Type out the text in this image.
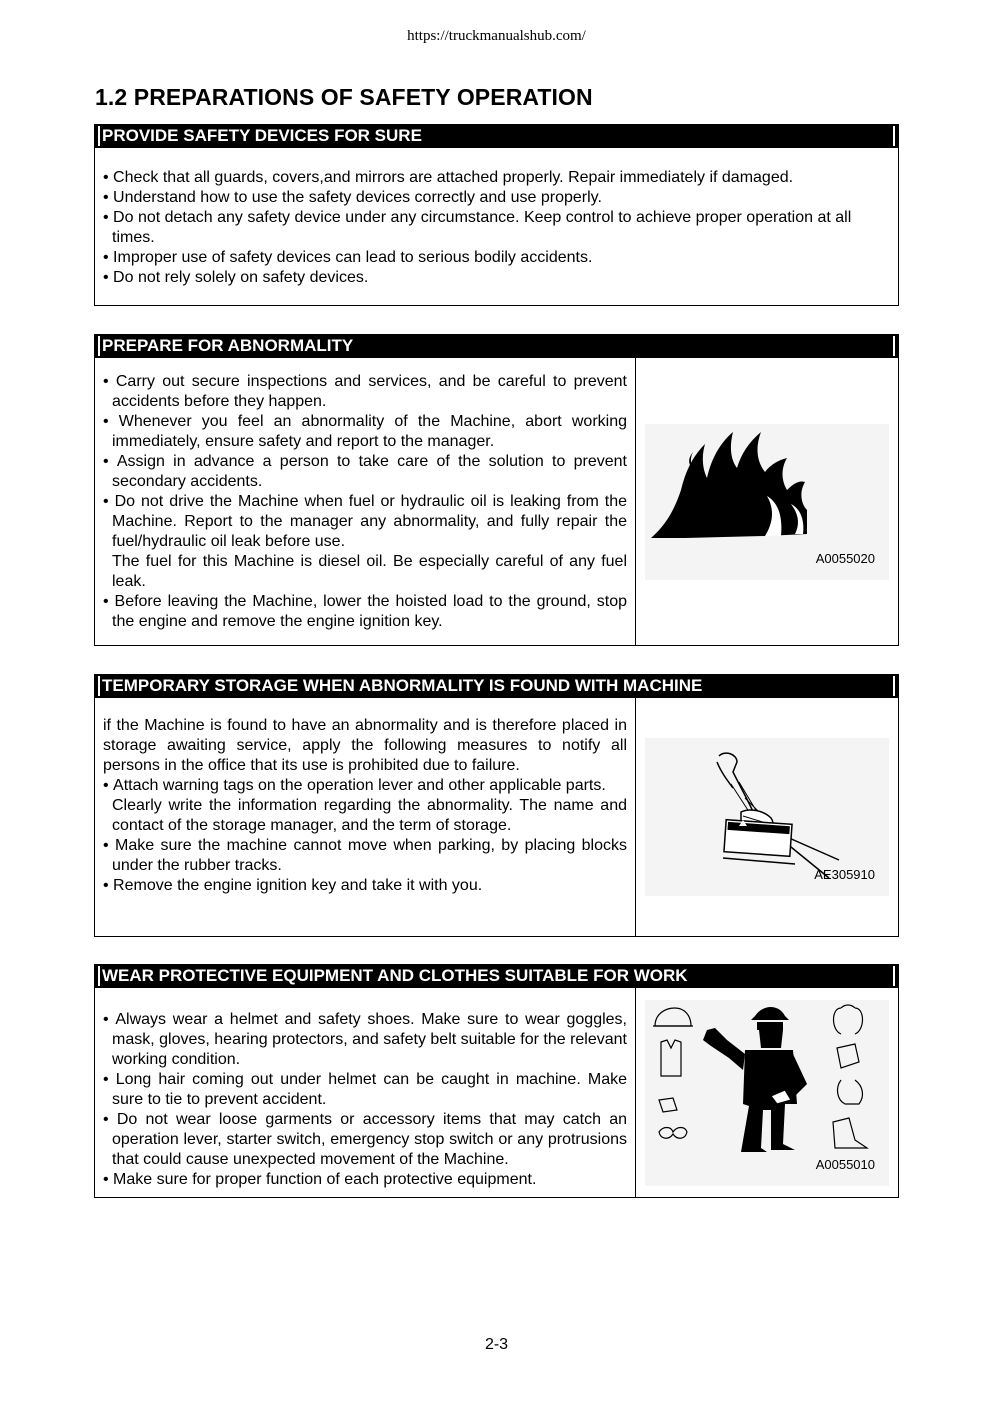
https://truckmanualshub.com/
1.2 PREPARATIONS OF SAFETY OPERATION
PROVIDE SAFETY DEVICES FOR SURE
• Check that all guards, covers,and mirrors are attached properly. Repair immediately if damaged.
• Understand how to use the safety devices correctly and use properly.
• Do not detach any safety device under any circumstance. Keep control to achieve proper operation at all times.
• Improper use of safety devices can lead to serious bodily accidents.
• Do not rely solely on safety devices.
PREPARE FOR ABNORMALITY
• Carry out secure inspections and services, and be careful to prevent accidents before they happen.
• Whenever you feel an abnormality of the Machine, abort working immediately, ensure safety and report to the manager.
• Assign in advance a person to take care of the solution to prevent secondary accidents.
• Do not drive the Machine when fuel or hydraulic oil is leaking from the Machine. Report to the manager any abnormality, and fully repair the fuel/hydraulic oil leak before use.
The fuel for this Machine is diesel oil. Be especially careful of any fuel leak.
• Before leaving the Machine, lower the hoisted load to the ground, stop the engine and remove the engine ignition key.
A0055020
TEMPORARY STORAGE WHEN ABNORMALITY IS FOUND WITH MACHINE

if the Machine is found to have an abnormality and is therefore placed in storage awaiting service, apply the following measures to notify all persons in the office that its use is prohibited due to failure.

• Attach warning tags on the operation lever and other applicable parts.
Clearly write the information regarding the abnormality. The name and contact of the storage manager, and the term of storage.
• Make sure the machine cannot move when parking, by placing blocks under the rubber tracks.
• Remove the engine ignition key and take it with you.
AE305910
WEAR PROTECTIVE EQUIPMENT AND CLOTHES SUITABLE FOR WORK
• Always wear a helmet and safety shoes. Make sure to wear goggles, mask, gloves, hearing protectors, and safety belt suitable for the relevant working condition.
• Long hair coming out under helmet can be caught in machine. Make sure to tie to prevent accident.
• Do not wear loose garments or accessory items that may catch an operation lever, starter switch, emergency stop switch or any protrusions that could cause unexpected movement of the Machine.
• Make sure for proper function of each protective equipment.
A0055010
2-3
